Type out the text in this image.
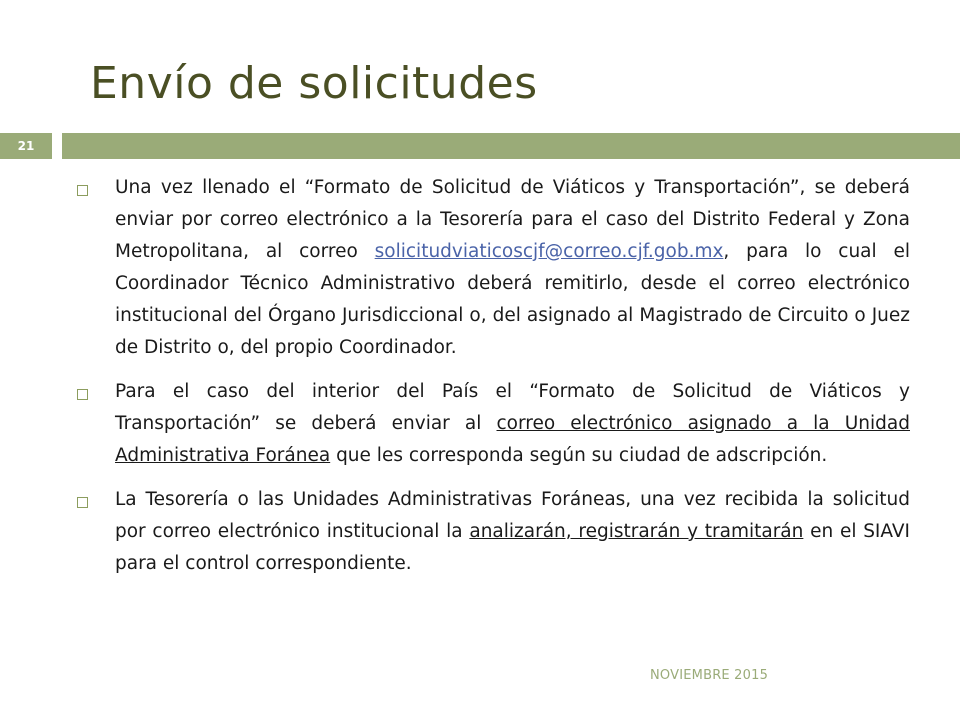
Envío de solicitudes
21
Una vez llenado el “Formato de Solicitud de Viáticos y Transportación”, se deberá enviar por correo electrónico a la Tesorería para el caso del Distrito Federal y Zona Metropolitana, al correo solicitudviaticoscjf@correo.cjf.gob.mx, para lo cual el Coordinador Técnico Administrativo deberá remitirlo, desde el correo electrónico institucional del Órgano Jurisdiccional o, del asignado al Magistrado de Circuito o Juez de Distrito o, del propio Coordinador.
Para el caso del interior del País el “Formato de Solicitud de Viáticos y Transportación” se deberá enviar al correo electrónico asignado a la Unidad Administrativa Foránea que les corresponda según su ciudad de adscripción.
La Tesorería o las Unidades Administrativas Foráneas, una vez recibida la solicitud por correo electrónico institucional la analizarán, registrarán y tramitarán en el SIAVI para el control correspondiente.
NOVIEMBRE 2015
